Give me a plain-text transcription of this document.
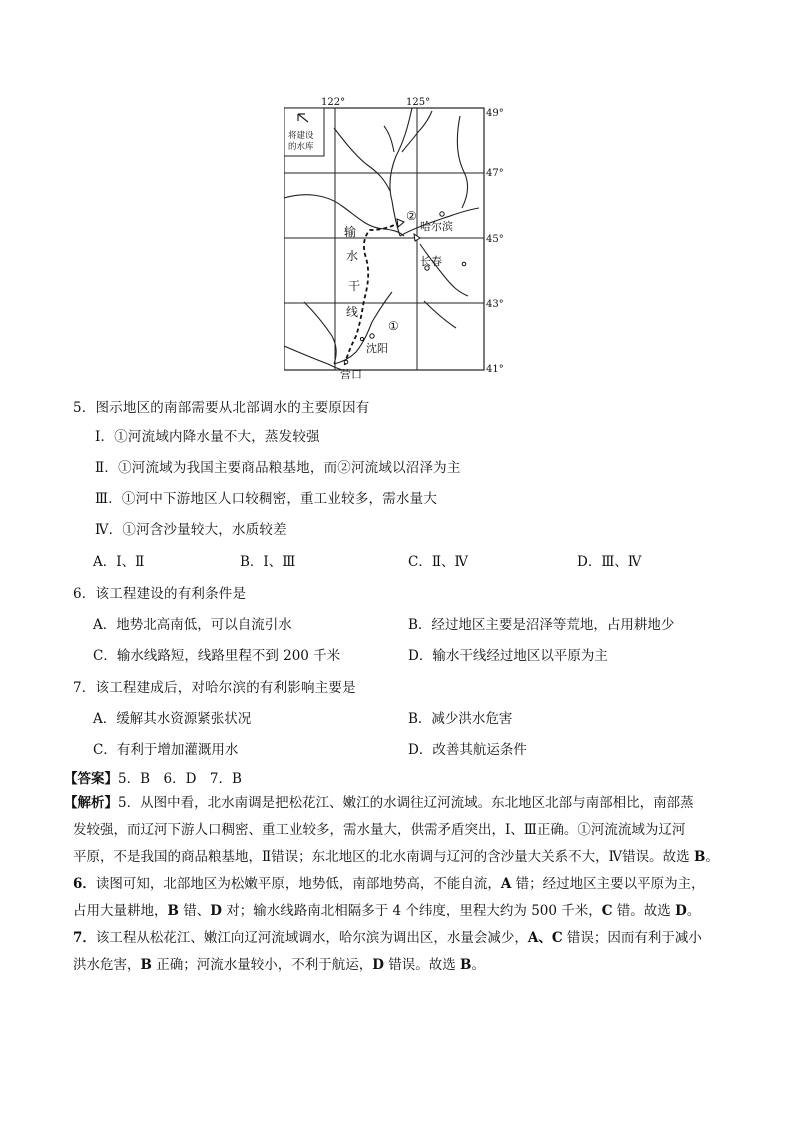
将建设
的水库
122°	125°
49°
47°
45°
43°
41°
输
水
干
线
②
①
哈尔滨
长春
沈阳
营口
5．图示地区的南部需要从北部调水的主要原因有
Ⅰ．①河流域内降水量不大，蒸发较强
Ⅱ．①河流域为我国主要商品粮基地，而②河流域以沼泽为主
Ⅲ．①河中下游地区人口较稠密，重工业较多，需水量大
Ⅳ．①河含沙量较大，水质较差
A．Ⅰ、Ⅱ	B．Ⅰ、Ⅲ	C．Ⅱ、Ⅳ	D．Ⅲ、Ⅳ
6．该工程建设的有利条件是
A．地势北高南低，可以自流引水	B．经过地区主要是沼泽等荒地，占用耕地少
C．输水线路短，线路里程不到 200 千米	D．输水干线经过地区以平原为主
7．该工程建成后，对哈尔滨的有利影响主要是
A．缓解其水资源紧张状况	B．减少洪水危害
C．有利于增加灌溉用水	D．改善其航运条件
【答案】5．B　6．D　7．B
【解析】5．从图中看，北水南调是把松花江、嫩江的水调往辽河流域。东北地区北部与南部相比，南部蒸
发较强，而辽河下游人口稠密、重工业较多，需水量大，供需矛盾突出，Ⅰ、Ⅲ正确。①河流流域为辽河
平原，不是我国的商品粮基地，Ⅱ错误；东北地区的北水南调与辽河的含沙量大关系不大，Ⅳ错误。故选 B。
6．读图可知，北部地区为松嫩平原，地势低，南部地势高，不能自流，A 错；经过地区主要以平原为主，
占用大量耕地，B 错、D 对；输水线路南北相隔多于 4 个纬度，里程大约为 500 千米，C 错。故选 D。
7．该工程从松花江、嫩江向辽河流域调水，哈尔滨为调出区，水量会减少，A、C 错误；因而有利于减小
洪水危害，B 正确；河流水量较小，不利于航运，D 错误。故选 B。
